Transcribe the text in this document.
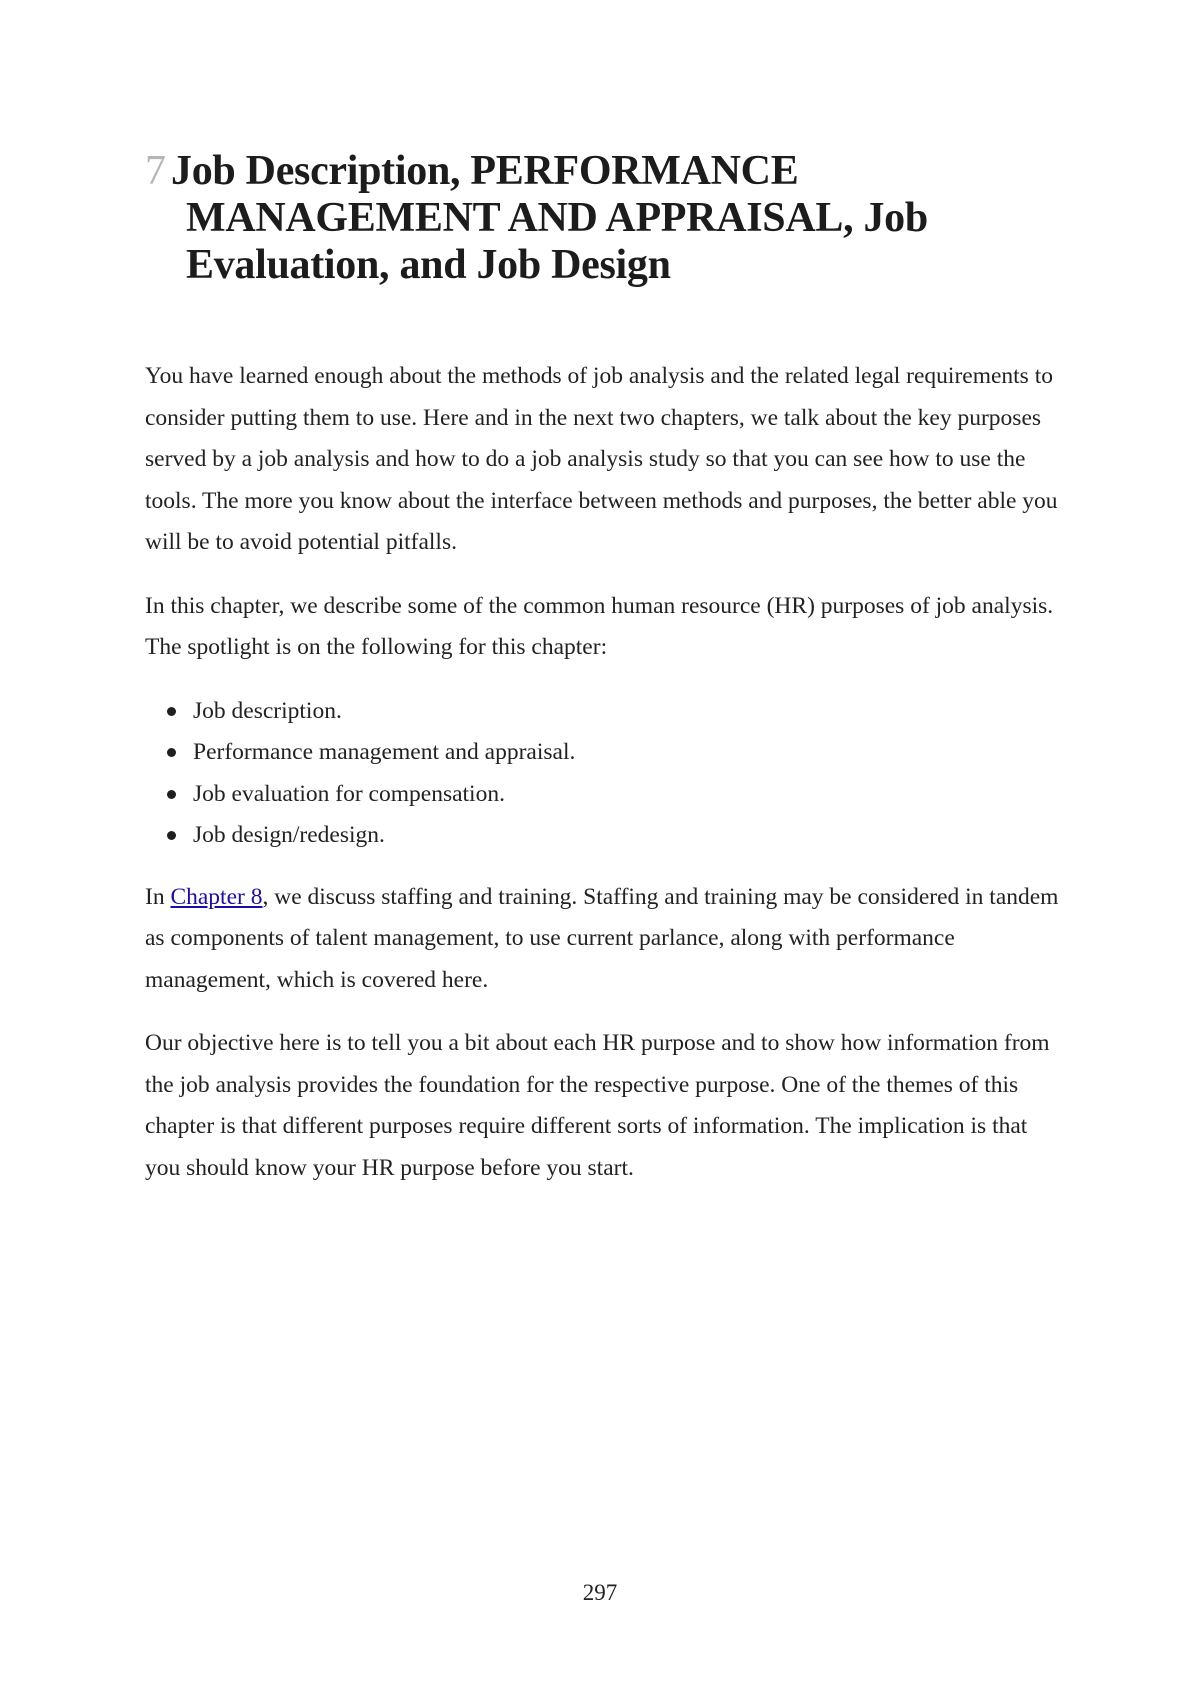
7 Job Description, PERFORMANCE MANAGEMENT AND APPRAISAL, Job Evaluation, and Job Design

You have learned enough about the methods of job analysis and the related legal requirements to consider putting them to use. Here and in the next two chapters, we talk about the key purposes served by a job analysis and how to do a job analysis study so that you can see how to use the tools. The more you know about the interface between methods and purposes, the better able you will be to avoid potential pitfalls.

In this chapter, we describe some of the common human resource (HR) purposes of job analysis. The spotlight is on the following for this chapter:

Job description.
Performance management and appraisal.
Job evaluation for compensation.
Job design/redesign.

In Chapter 8, we discuss staffing and training. Staffing and training may be considered in tandem as components of talent management, to use current parlance, along with performance management, which is covered here.

Our objective here is to tell you a bit about each HR purpose and to show how information from the job analysis provides the foundation for the respective purpose. One of the themes of this chapter is that different purposes require different sorts of information. The implication is that you should know your HR purpose before you start.

297
